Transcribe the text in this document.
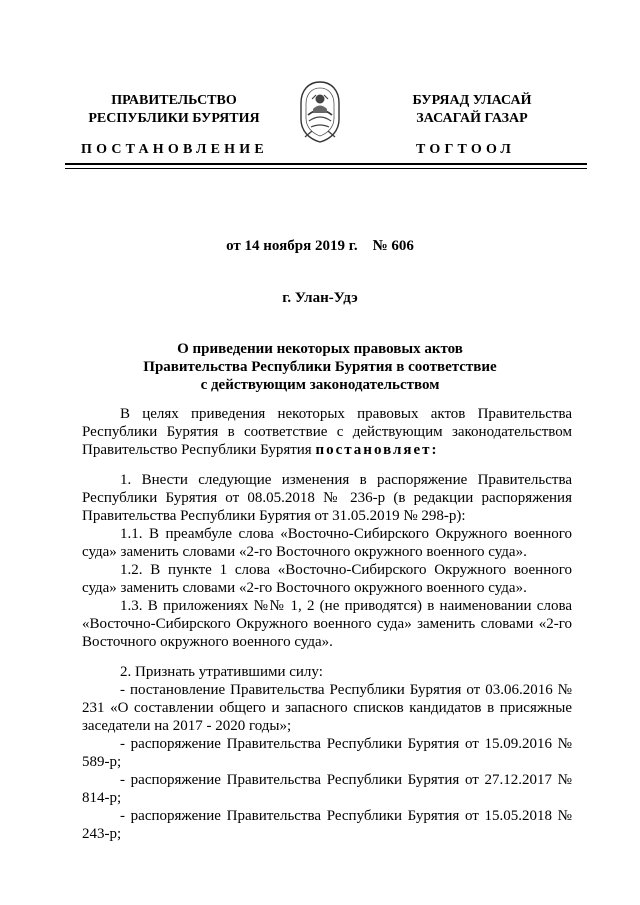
ПРАВИТЕЛЬСТВО
РЕСПУБЛИКИ БУРЯТИЯ
БУРЯАД УЛАСАЙ
ЗАСАГАЙ ГАЗАР
ПОСТАНОВЛЕНИЕ	ТОГТООЛ
от 14 ноября 2019 г.    № 606
г. Улан-Удэ
О приведении некоторых правовых актов
Правительства Республики Бурятия в соответствие
с действующим законодательством

В целях приведения некоторых правовых актов Правительства Республики Бурятия в соответствие с действующим законодательством Правительство Республики Бурятия постановляет:

1. Внести следующие изменения в распоряжение Правительства Республики Бурятия от 08.05.2018 № 236-р (в редакции распоряжения Правительства Республики Бурятия от 31.05.2019 № 298-р):

1.1. В преамбуле слова «Восточно-Сибирского Окружного военного суда» заменить словами «2-го Восточного окружного военного суда».

1.2. В пункте 1 слова «Восточно-Сибирского Окружного военного суда» заменить словами «2-го Восточного окружного военного суда».

1.3. В приложениях №№ 1, 2 (не приводятся) в наименовании слова «Восточно-Сибирского Окружного военного суда» заменить словами «2-го Восточного окружного военного суда».

2. Признать утратившими силу:

- постановление Правительства Республики Бурятия от 03.06.2016 № 231 «О составлении общего и запасного списков кандидатов в присяжные заседатели на 2017 - 2020 годы»;

- распоряжение Правительства Республики Бурятия от 15.09.2016 № 589-р;

- распоряжение Правительства Республики Бурятия от 27.12.2017 № 814-р;

- распоряжение Правительства Республики Бурятия от 15.05.2018 № 243-р;
